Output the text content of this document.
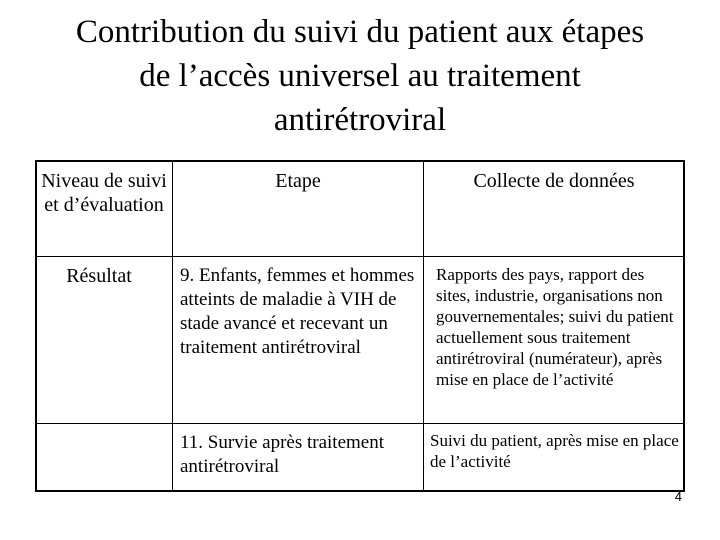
Contribution du suivi du patient aux étapes
de l’accès universel au traitement
antirétroviral
Niveau de suivi et d’évaluation
Etape	Collecte de données
Résultat	9. Enfants, femmes et hommes atteints de maladie à VIH de stade avancé et recevant un traitement antirétroviral
Rapports des pays, rapport des sites, industrie, organisations non gouvernementales; suivi du patient actuellement sous traitement antirétroviral (numérateur), après mise en place de l’activité
11. Survie après traitement antirétroviral
Suivi du patient, après mise en place de l’activité
4
